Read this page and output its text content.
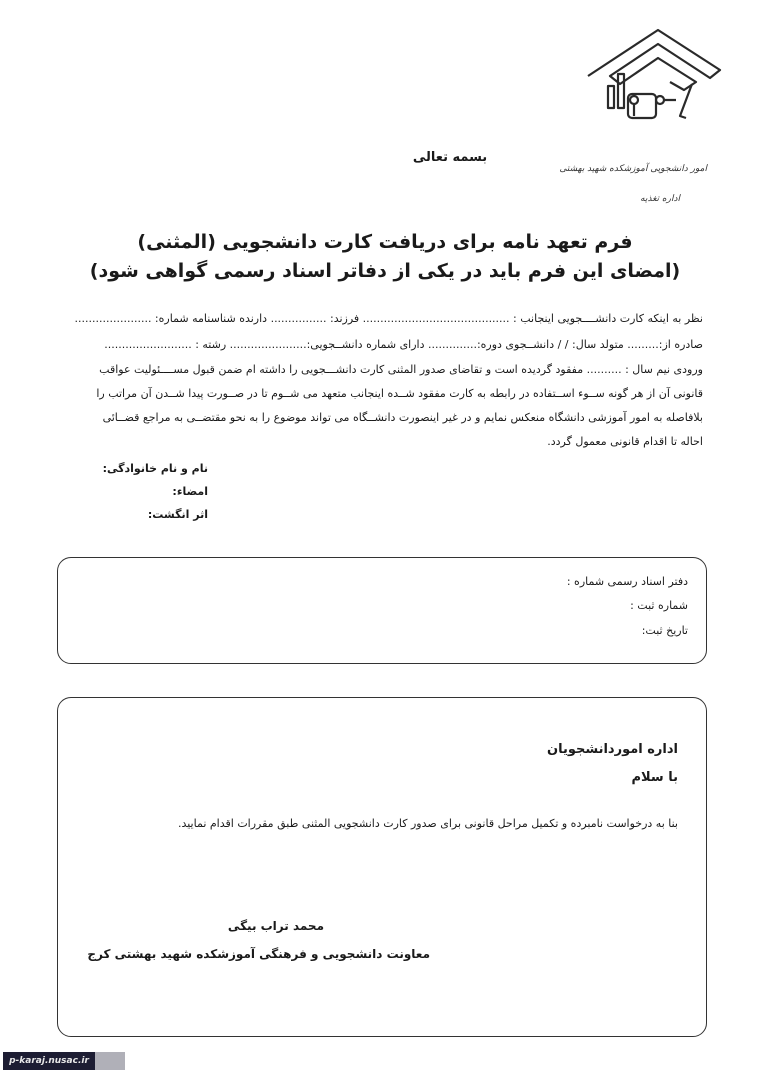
امور دانشجویی آموزشکده شهید بهشتی
اداره تغذیه
بسمه تعالی
فرم تعهد نامه برای دریافت کارت دانشجویی (المثنی)
(امضای این فرم باید در یکی از دفاتر اسناد رسمی گواهی شود)
نظر به اینکه کارت دانشــــجویی اینجانب : .......................................... فرزند: ................ دارنده شناسنامه شماره: ......................
صادره از:......... متولد سال: / / دانشــجوی دوره:.............. دارای شماره دانشــجویی:...................... رشته : .........................
ورودی نیم سال : .......... مفقود گردیده است و تقاضای صدور المثنی کارت دانشـــجویی را داشته ام ضمن قبول مســــئولیت عواقب
قانونی آن از هر گونه ســوء اســتفاده در رابطه به کارت مفقود شــده اینجانب متعهد می شــوم تا در صــورت پیدا شــدن آن مراتب را
بلافاصله به امور آموزشی دانشگاه منعکس نمایم و در غیر اینصورت دانشــگاه می تواند موضوع را به نحو مقتضــی به مراجع قضــائی
احاله تا اقدام قانونی معمول گردد.
نام و نام خانوادگی:
امضاء:
اثر انگشت:
دفتر اسناد رسمی شماره :
شماره ثبت :
تاریخ ثبت:
اداره اموردانشجویان
با سلام
بنا به درخواست نامبرده و تکمیل مراحل قانونی برای صدور کارت دانشجویی المثنی طبق مقررات اقدام نمایید.
محمد تراب بیگی
معاونت دانشجویی و فرهنگی آموزشکده شهید بهشتی کرج
p-karaj.nusac.ir
